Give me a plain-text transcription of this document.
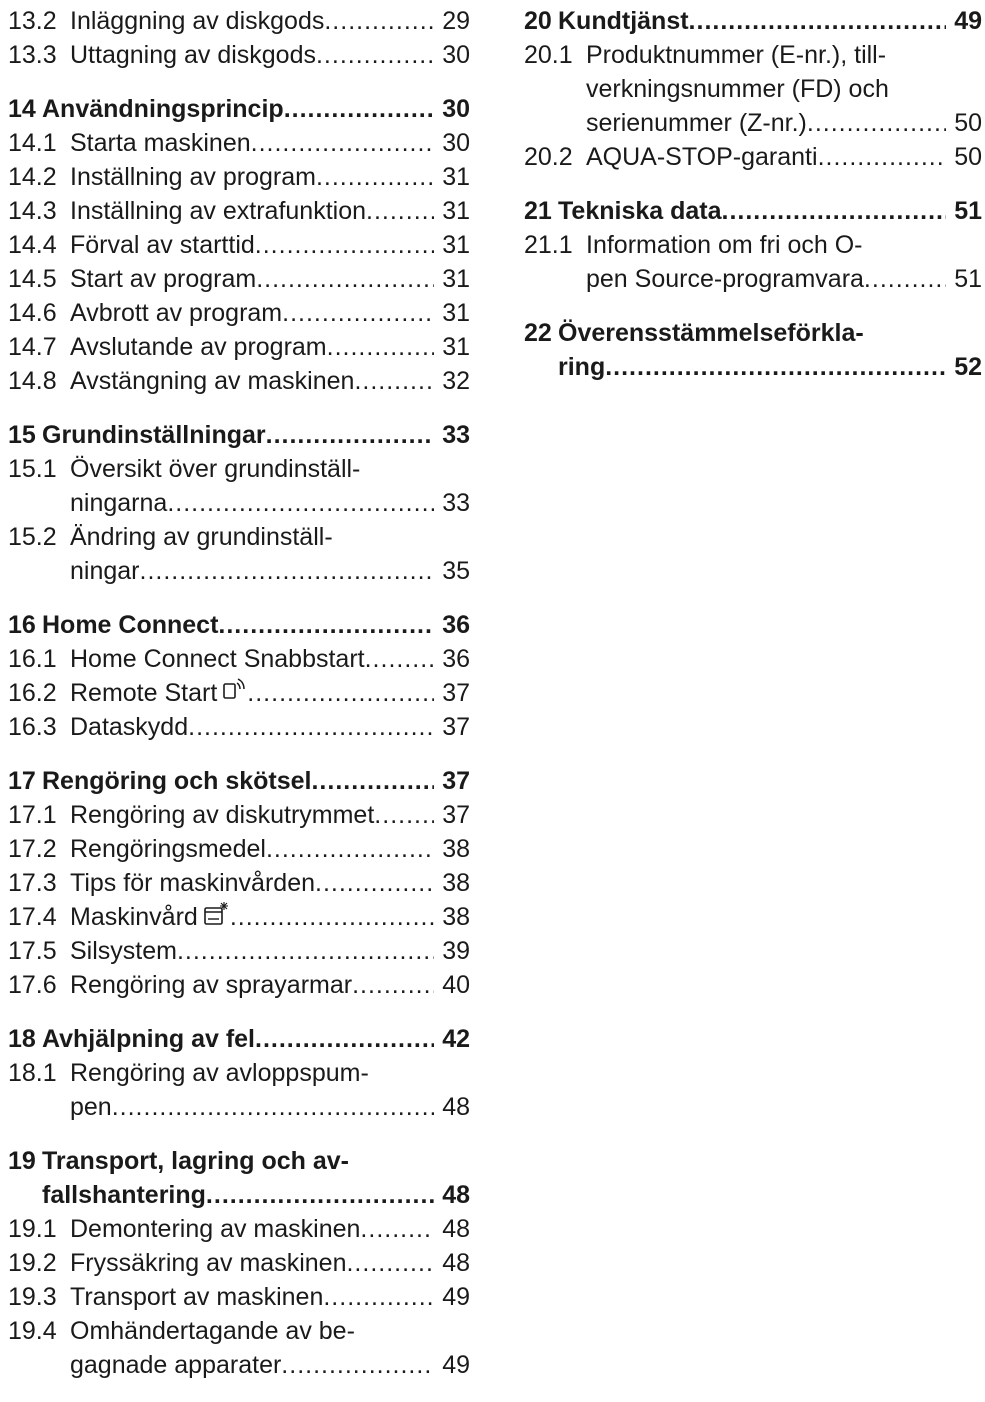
13.2 Inläggning av diskgods .....	29
13.3 Uttagning av diskgods .....	30
14 Användningsprincip .....	30
14.1 Starta maskinen .....	30
14.2 Inställning av program .....	31
14.3 Inställning av extrafunktion .....	31
14.4 Förval av starttid .....	31
14.5 Start av program .....	31
14.6 Avbrott av program .....	31
14.7 Avslutande av program .....	31
14.8 Avstängning av maskinen .....	32
15 Grundinställningar .....	33
15.1 Översikt över grundinställ-
ningarna .....	33
15.2 Ändring av grundinställ-
ningar .....	35
16 Home Connect .....	36
16.1 Home Connect Snabbstart .....	36
16.2 Remote Start .....	37
16.3 Dataskydd .....	37
17 Rengöring och skötsel .....	37
17.1 Rengöring av diskutrymmet .....	37
17.2 Rengöringsmedel .....	38
17.3 Tips för maskinvården .....	38
17.4 Maskinvård .....	38
17.5 Silsystem .....	39
17.6 Rengöring av sprayarmar .....	40
18 Avhjälpning av fel .....	42
18.1 Rengöring av avloppspum-
pen .....	48
19 Transport, lagring och av-
fallshantering .....	48
19.1 Demontering av maskinen .....	48
19.2 Fryssäkring av maskinen .....	48
19.3 Transport av maskinen .....	49
19.4 Omhändertagande av be-
gagnade apparater .....	49
20 Kundtjänst .....	49
20.1 Produktnummer (E-nr.), till-
verkningsnummer (FD) och
serienummer (Z-nr.) .....	50
20.2 AQUA-STOP-garanti .....	50
21 Tekniska data .....	51
21.1 Information om fri och O-
pen Source-programvara .....	51
22 Överensstämmelseförkla-
ring .....	52
